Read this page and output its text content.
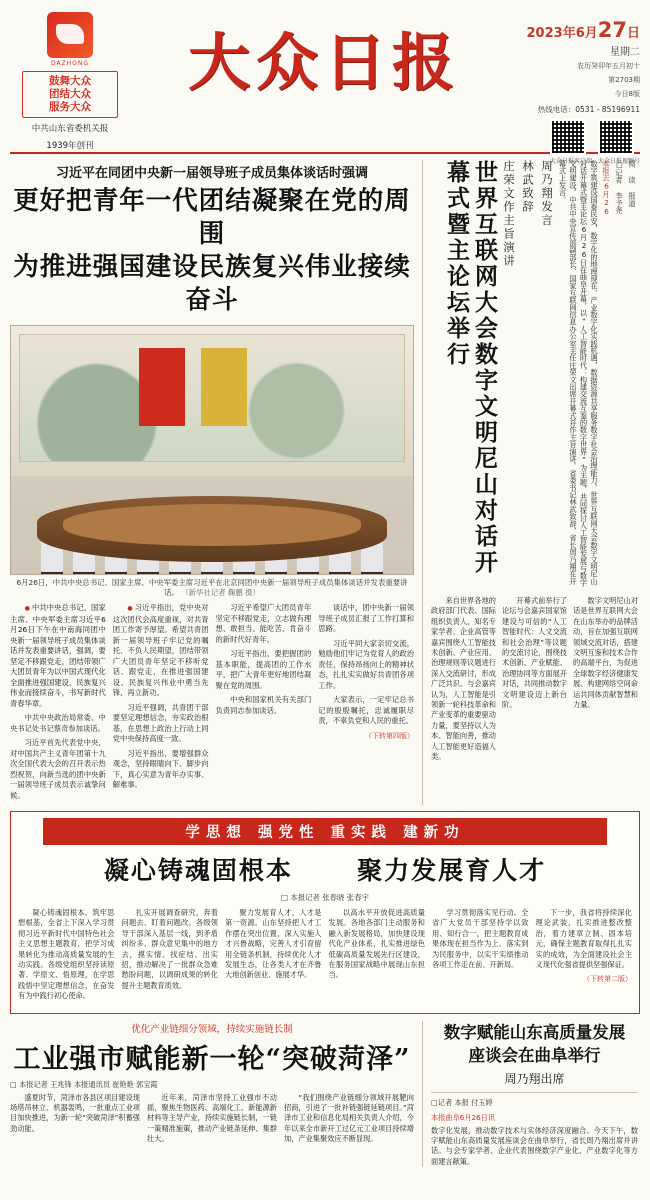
DAZHONG
鼓舞大众
团结大众
服务大众
中共山东省委机关报
1939年创刊
大众日报	2023年6月27日
星期二
农历癸卯年五月初十
第2703期
今日8版
热线电话：0531 - 85196911
大众日报客户端 大众日报视频号
习近平在同团中央新一届领导班子成员集体谈话时强调
更好把青年一代团结凝聚在党的周围
为推进强国建设民族复兴伟业接续奋斗
6月26日，中共中央总书记、国家主席、中央军委主席习近平在北京同团中央新一届领导班子成员集体谈话并发表重要讲话。 （新华社记者 鞠鹏 摄）

● 中共中央总书记、国家主席、中央军委主席习近平6月26日下午在中南海同团中央新一届领导班子成员集体谈话并发表重要讲话，强调，要坚定不移跟党走，团结带领广大团员青年为以中国式现代化全面推进强国建设、民族复兴伟业而接续奋斗，书写新时代青春华章。

中共中央政治局常委、中央书记处书记蔡奇参加谈话。

习近平首先代表党中央，对中国共产主义青年团第十九次全国代表大会的召开表示热烈祝贺，向新当选的团中央新一届领导班子成员表示诚挚问候。

● 习近平指出，党中央对这次团代会高度重视，对共青团工作寄予厚望。希望共青团新一届领导班子牢记党的嘱托、不负人民期望，团结带领广大团员青年坚定不移听党话、跟党走，在推进强国建设、民族复兴伟业中勇当先锋、再立新功。

习近平强调，共青团干部要坚定理想信念，夯实政治根基，在思想上政治上行动上同党中央保持高度一致。

习近平指出，要增强群众观念，坚持眼睛向下、脚步向下，真心实意为青年办实事、解难事。

习近平希望广大团员青年坚定不移跟党走，立志做有理想、敢担当、能吃苦、肯奋斗的新时代好青年。

习近平指出，要把握团的基本职能，提高团的工作水平，把广大青年更好地团结凝聚在党的周围。

中央和国家机关有关部门负责同志参加谈话。

谈话中，团中央新一届领导班子成员汇报了工作打算和思路。

习近平同大家亲切交流，勉励他们牢记为党育人的政治责任，保持昂扬向上的精神状态，扎扎实实做好共青团各项工作。

大家表示，一定牢记总书记的殷殷嘱托，忠诚履职尽责，不辜负党和人民的重托。

（下转第四版）
世界互联网大会数字文明尼山对话开幕式暨主论坛举行	庄荣文作主旨演讲 林武致辞 周乃翔发言	数字筑建设国泰民安，数字化的地理现在、产业数字化实践机遇，数据资源共享服务数字社会治理能力。世界互联网大会数字文明尼山对话开幕式暨主论坛6月26日在曲阜开幕，以“人工智能时代：构建交流互鉴的数字世界”为主题，共同探讨人工智能发展与数字文明建设。中共中央宣传部副部长、国家互联网信息办公室主任庄荣文出席开幕式并作主旨演讲。省委书记林武致辞，省长周乃翔在开幕式上发言。	本报去6月26 □记者 李予尧 阅 读 报道

来自世界各地的政府部门代表、国际组织负责人、知名专家学者、企业高管等嘉宾围绕人工智能技术创新、产业应用、治理规则等议题进行深入交流研讨，形成广泛共识。与会嘉宾认为，人工智能是引领新一轮科技革命和产业变革的重要驱动力量，要坚持以人为本、智能向善，推动人工智能更好造福人类。

开幕式前举行了论坛与会嘉宾国家馆建设与可信的“人工智能时代：人文交流和社会治理”等议题的交流讨论，围绕技术创新、产业赋能、治理协同等方面展开对话，共同推动数字文明建设迈上新台阶。

数字文明尼山对话是世界互联网大会在山东举办的品牌活动，旨在加强互联网领域交流对话，搭建文明互鉴和技术合作的高端平台，为促进全球数字经济健康发展、构建网络空间命运共同体贡献智慧和力量。

学思想 强党性 重实践 建新功
凝心铸魂固根本	聚力发展育人才
□ 本报记者 张春晓 张春宇

凝心铸魂固根本、筑牢思想根基，全省上下深入学习贯彻习近平新时代中国特色社会主义思想主题教育，把学习成果转化为推动高质量发展的生动实践。各级党组织坚持读原著、学原文、悟原理，在学思践悟中坚定理想信念，在奋发有为中践行初心使命。

扎实开展调查研究，奔着问题去、盯着问题改。各级领导干部深入基层一线，到矛盾纠纷多、群众意见集中的地方去，摸实情、找症结、出实招，推动解决了一批群众急难愁盼问题，以调研成果的转化提升主题教育质效。

聚力发展育人才，人才是第一资源。山东坚持把人才工作摆在突出位置，深入实施人才兴鲁战略，完善人才引育留用全链条机制，持续优化人才发展生态，让各类人才在齐鲁大地创新创业、施展才华。

以高水平开放促进高质量发展。各地各部门主动服务和融入新发展格局，加快建设现代化产业体系，扎实推进绿色低碳高质量发展先行区建设，在服务国家战略中展现山东担当。

学习贯彻落实见行动。全省广大党员干部坚持学以致用、知行合一，把主题教育成果体现在担当作为上、落实到为民服务中，以实干实绩推动各项工作走在前、开新局。

下一步，我省将持续深化理论武装，扎实推进整改整治，着力建章立制、固本培元，确保主题教育取得扎扎实实的成效，为全面建设社会主义现代化强省提供坚强保证。

（下转第二版）
优化产业链细分领域，持续实施链长制
工业强市赋能新一轮“突破菏泽”
□ 本报记者 王兆锋 本报通讯员 崔艳艳 郭宝霞

盛夏时节，菏泽市各县区项目建设现场塔吊林立、机器轰鸣，一批重点工业项目加快推进，为新一轮“突破菏泽”积蓄强劲动能。

近年来，菏泽市坚持工业强市不动摇，聚焦生物医药、高端化工、新能源新材料等主导产业，持续实施链长制，一链一策精准施策，推动产业链条延伸、集群壮大。

“我们围绕产业链细分领域开展靶向招商，引进了一批补链强链延链项目。”菏泽市工业和信息化局相关负责人介绍，今年以来全市新开工过亿元工业项目持续增加，产业集聚效应不断显现。

数字赋能山东高质量发展
座谈会在曲阜举行
周乃翔出席
□记者 本报 付玉婷
本报曲阜6月26日讯
数字化发展，推动数字技术与实体经济深度融合。今天下午，数字赋能山东高质量发展座谈会在曲阜举行，省长周乃翔出席并讲话。与会专家学者、企业代表围绕数字产业化、产业数字化等方面建言献策。
